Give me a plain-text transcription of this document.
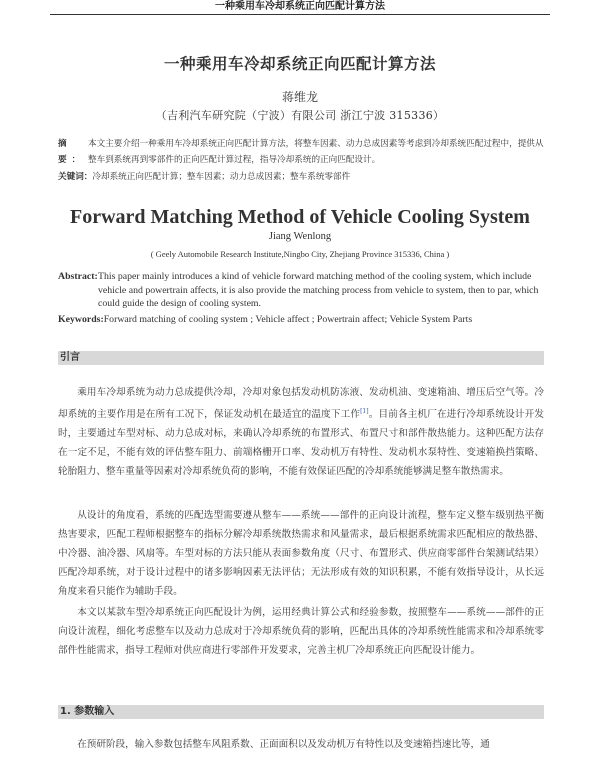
一种乘用车冷却系统正向匹配计算方法
一种乘用车冷却系统正向匹配计算方法
蒋维龙
（吉利汽车研究院（宁波）有限公司 浙江宁波 315336）
摘 要：
本文主要介绍一种乘用车冷却系统正向匹配计算方法，将整车因素、动力总成因素等考虑到冷却系统匹配过程中，提供从整车到系统再到零部件的正向匹配计算过程，指导冷却系统的正向匹配设计。
关键词：冷却系统正向匹配计算；整车因素；动力总成因素；整车系统零部件
Forward Matching Method of Vehicle Cooling System
Jiang Wenlong
( Geely Automobile Research Institute,Ningbo City, Zhejiang Province 315336, China )
Abstract: This paper mainly introduces a kind of vehicle forward matching method of the cooling system, which include vehicle and powertrain affects, it is also provide the matching process from vehicle to system, then to par, which could guide the design of cooling system.
Keywords:Forward matching of cooling system ; Vehicle affect ; Powertrain affect; Vehicle System Parts
引言
乘用车冷却系统为动力总成提供冷却，冷却对象包括发动机防冻液、发动机油、变速箱油、增压后空气等。冷却系统的主要作用是在所有工况下，保证发动机在最适宜的温度下工作[1]。目前各主机厂在进行冷却系统设计开发时，主要通过车型对标、动力总成对标，来确认冷却系统的布置形式、布置尺寸和部件散热能力。这种匹配方法存在一定不足，不能有效的评估整车阻力、前端格栅开口率、发动机万有特性、发动机水泵特性、变速箱换挡策略、轮胎阻力、整车重量等因素对冷却系统负荷的影响，不能有效保证匹配的冷却系统能够满足整车散热需求。
从设计的角度看，系统的匹配选型需要遵从整车——系统——部件的正向设计流程，整车定义整车级别热平衡热害要求，匹配工程师根据整车的指标分解冷却系统散热需求和风量需求，最后根据系统需求匹配相应的散热器、中冷器、油冷器、风扇等。车型对标的方法只能从表面参数角度（尺寸、布置形式、供应商零部件台架测试结果）匹配冷却系统，对于设计过程中的诸多影响因素无法评估；无法形成有效的知识积累，不能有效指导设计，从长远角度来看只能作为辅助手段。
本文以某款车型冷却系统正向匹配设计为例，运用经典计算公式和经验参数，按照整车——系统——部件的正向设计流程，细化考虑整车以及动力总成对于冷却系统负荷的影响，匹配出具体的冷却系统性能需求和冷却系统零部件性能需求，指导工程师对供应商进行零部件开发要求，完善主机厂冷却系统正向匹配设计能力。
1. 参数输入
在预研阶段，输入参数包括整车风阻系数、正面面积以及发动机万有特性以及变速箱挡速比等，通
